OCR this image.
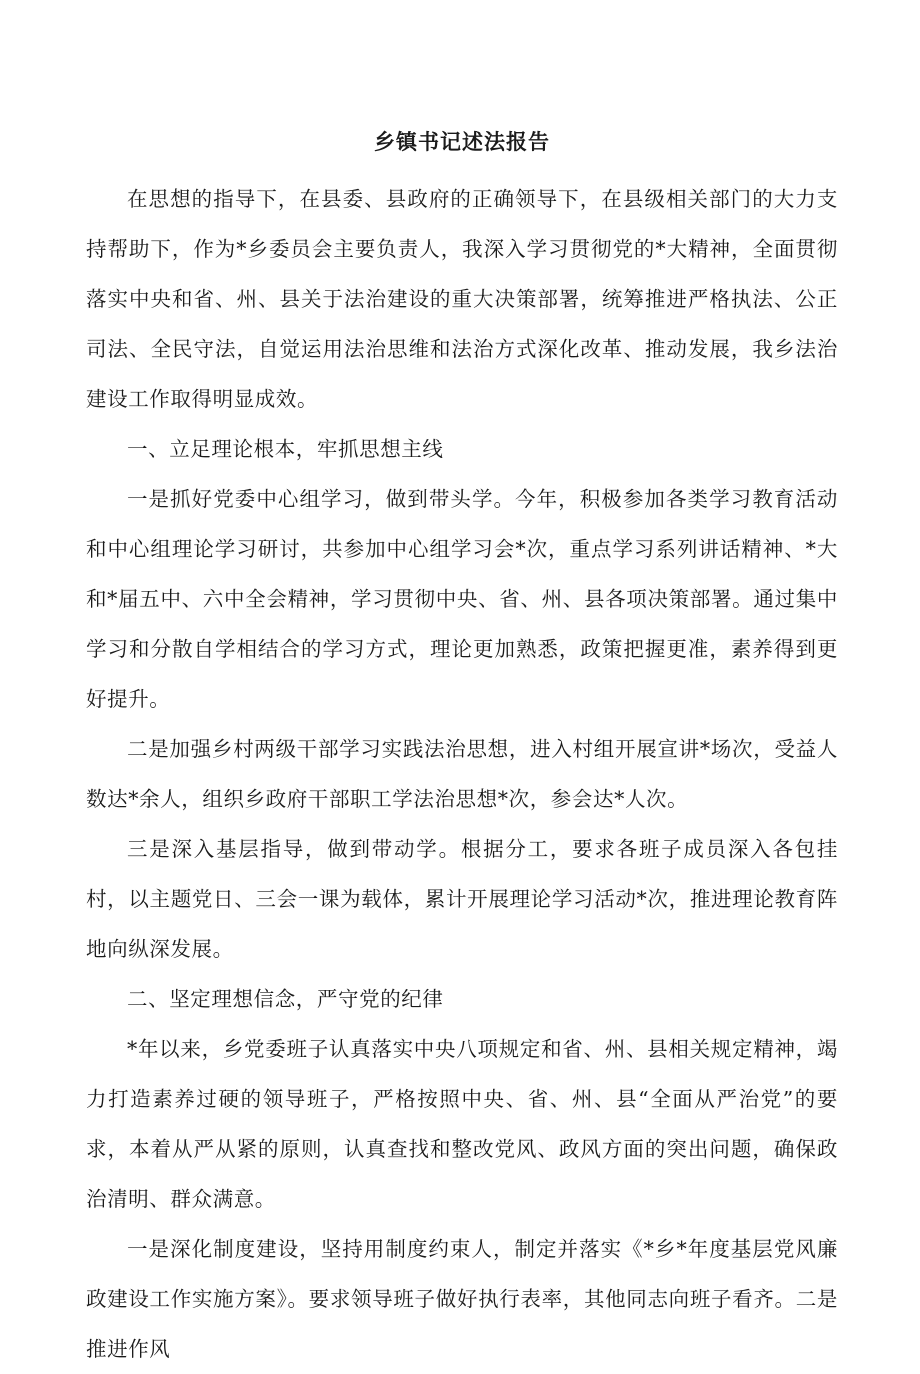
乡镇书记述法报告

在思想的指导下，在县委、县政府的正确领导下，在县级相关部门的大力支持帮助下，作为*乡委员会主要负责人，我深入学习贯彻党的*大精神，全面贯彻落实中央和省、州、县关于法治建设的重大决策部署，统筹推进严格执法、公正司法、全民守法，自觉运用法治思维和法治方式深化改革、推动发展，我乡法治建设工作取得明显成效。

一、立足理论根本，牢抓思想主线

一是抓好党委中心组学习，做到带头学。今年，积极参加各类学习教育活动和中心组理论学习研讨，共参加中心组学习会*次，重点学习系列讲话精神、*大和*届五中、六中全会精神，学习贯彻中央、省、州、县各项决策部署。通过集中学习和分散自学相结合的学习方式，理论更加熟悉，政策把握更准，素养得到更好提升。

二是加强乡村两级干部学习实践法治思想，进入村组开展宣讲*场次，受益人数达*余人，组织乡政府干部职工学法治思想*次，参会达*人次。

三是深入基层指导，做到带动学。根据分工，要求各班子成员深入各包挂村，以主题党日、三会一课为载体，累计开展理论学习活动*次，推进理论教育阵地向纵深发展。

二、坚定理想信念，严守党的纪律

*年以来，乡党委班子认真落实中央八项规定和省、州、县相关规定精神，竭力打造素养过硬的领导班子，严格按照中央、省、州、县“全面从严治党”的要求，本着从严从紧的原则，认真查找和整改党风、政风方面的突出问题，确保政治清明、群众满意。

一是深化制度建设，坚持用制度约束人，制定并落实《*乡*年度基层党风廉政建设工作实施方案》。要求领导班子做好执行表率，其他同志向班子看齐。二是推进作风
